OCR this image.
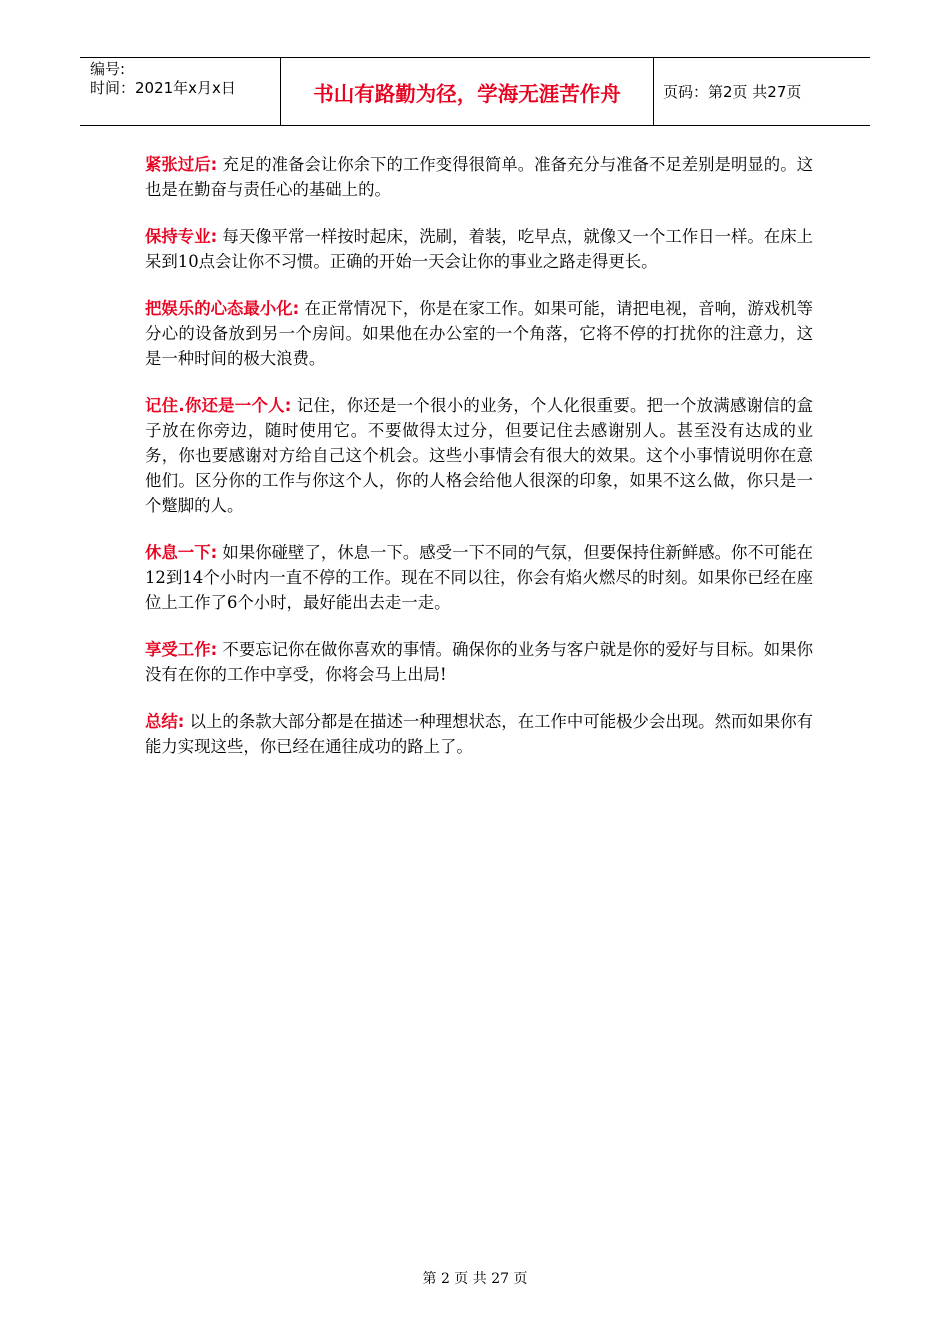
编号:
时间：2021年x月x日	书山有路勤为径，学海无涯苦作舟	页码：第2页 共27页

紧张过后: 充足的准备会让你余下的工作变得很简单。准备充分与准备不足差别是明显的。这也是在勤奋与责任心的基础上的。

保持专业: 每天像平常一样按时起床，洗刷，着装，吃早点，就像又一个工作日一样。在床上呆到10点会让你不习惯。正确的开始一天会让你的事业之路走得更长。

把娱乐的心态最小化: 在正常情况下，你是在家工作。如果可能，请把电视，音响，游戏机等分心的设备放到另一个房间。如果他在办公室的一个角落，它将不停的打扰你的注意力，这是一种时间的极大浪费。

记住.你还是一个人: 记住，你还是一个很小的业务，个人化很重要。把一个放满感谢信的盒子放在你旁边，随时使用它。不要做得太过分，但要记住去感谢别人。甚至没有达成的业务，你也要感谢对方给自己这个机会。这些小事情会有很大的效果。这个小事情说明你在意他们。区分你的工作与你这个人，你的人格会给他人很深的印象，如果不这么做，你只是一个蹩脚的人。

休息一下: 如果你碰壁了，休息一下。感受一下不同的气氛，但要保持住新鲜感。你不可能在12到14个小时内一直不停的工作。现在不同以往，你会有焰火燃尽的时刻。如果你已经在座位上工作了6个小时，最好能出去走一走。

享受工作: 不要忘记你在做你喜欢的事情。确保你的业务与客户就是你的爱好与目标。如果你没有在你的工作中享受，你将会马上出局!

总结: 以上的条款大部分都是在描述一种理想状态，在工作中可能极少会出现。然而如果你有能力实现这些，你已经在通往成功的路上了。

第 2 页 共 27 页
